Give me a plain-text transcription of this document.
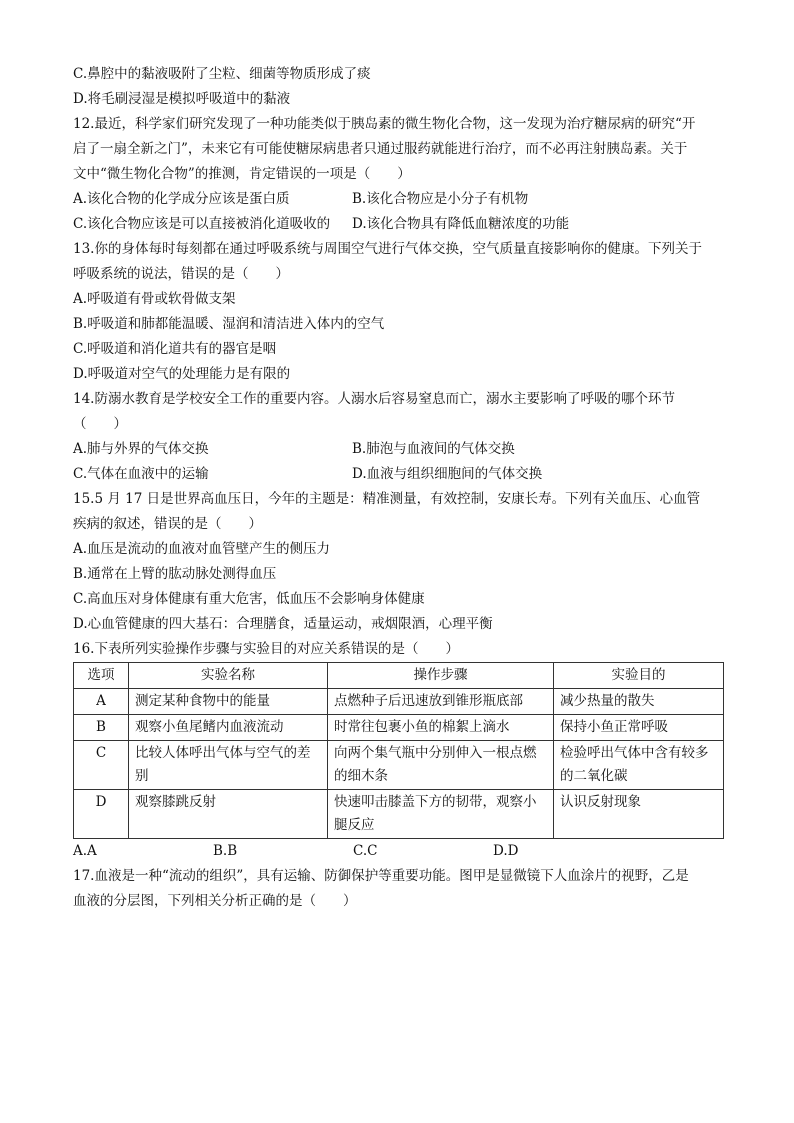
C.鼻腔中的黏液吸附了尘粒、细菌等物质形成了痰
D.将毛刷浸湿是模拟呼吸道中的黏液
12.最近，科学家们研究发现了一种功能类似于胰岛素的微生物化合物，这一发现为治疗糖尿病的研究“开
启了一扇全新之门”，未来它有可能使糖尿病患者只通过服药就能进行治疗，而不必再注射胰岛素。关于
文中“微生物化合物”的推测，肯定错误的一项是（　　）
A.该化合物的化学成分应该是蛋白质	B.该化合物应是小分子有机物
C.该化合物应该是可以直接被消化道吸收的	D.该化合物具有降低血糖浓度的功能
13.你的身体每时每刻都在通过呼吸系统与周围空气进行气体交换，空气质量直接影响你的健康。下列关于
呼吸系统的说法，错误的是（　　）
A.呼吸道有骨或软骨做支架
B.呼吸道和肺都能温暖、湿润和清洁进入体内的空气
C.呼吸道和消化道共有的器官是咽
D.呼吸道对空气的处理能力是有限的
14.防溺水教育是学校安全工作的重要内容。人溺水后容易窒息而亡，溺水主要影响了呼吸的哪个环节
（　　）
A.肺与外界的气体交换	B.肺泡与血液间的气体交换
C.气体在血液中的运输	D.血液与组织细胞间的气体交换
15.5 月 17 日是世界高血压日，今年的主题是：精准测量，有效控制，安康长寿。下列有关血压、心血管
疾病的叙述，错误的是（　　）
A.血压是流动的血液对血管壁产生的侧压力
B.通常在上臂的肱动脉处测得血压
C.高血压对身体健康有重大危害，低血压不会影响身体健康
D.心血管健康的四大基石：合理膳食，适量运动，戒烟限酒，心理平衡
16.下表所列实验操作步骤与实验目的对应关系错误的是（　　）
选项	实验名称	操作步骤	实验目的
A	测定某种食物中的能量	点燃种子后迅速放到锥形瓶底部	减少热量的散失
B	观察小鱼尾鳍内血液流动	时常往包裹小鱼的棉絮上滴水	保持小鱼正常呼吸
C	比较人体呼出气体与空气的差别	向两个集气瓶中分别伸入一根点燃的细木条	检验呼出气体中含有较多的二氧化碳
D	观察膝跳反射	快速叩击膝盖下方的韧带，观察小腿反应	认识反射现象
A.A	B.B	C.C	D.D
17.血液是一种“流动的组织”，具有运输、防御保护等重要功能。图甲是显微镜下人血涂片的视野，乙是
血液的分层图，下列相关分析正确的是（　　）
